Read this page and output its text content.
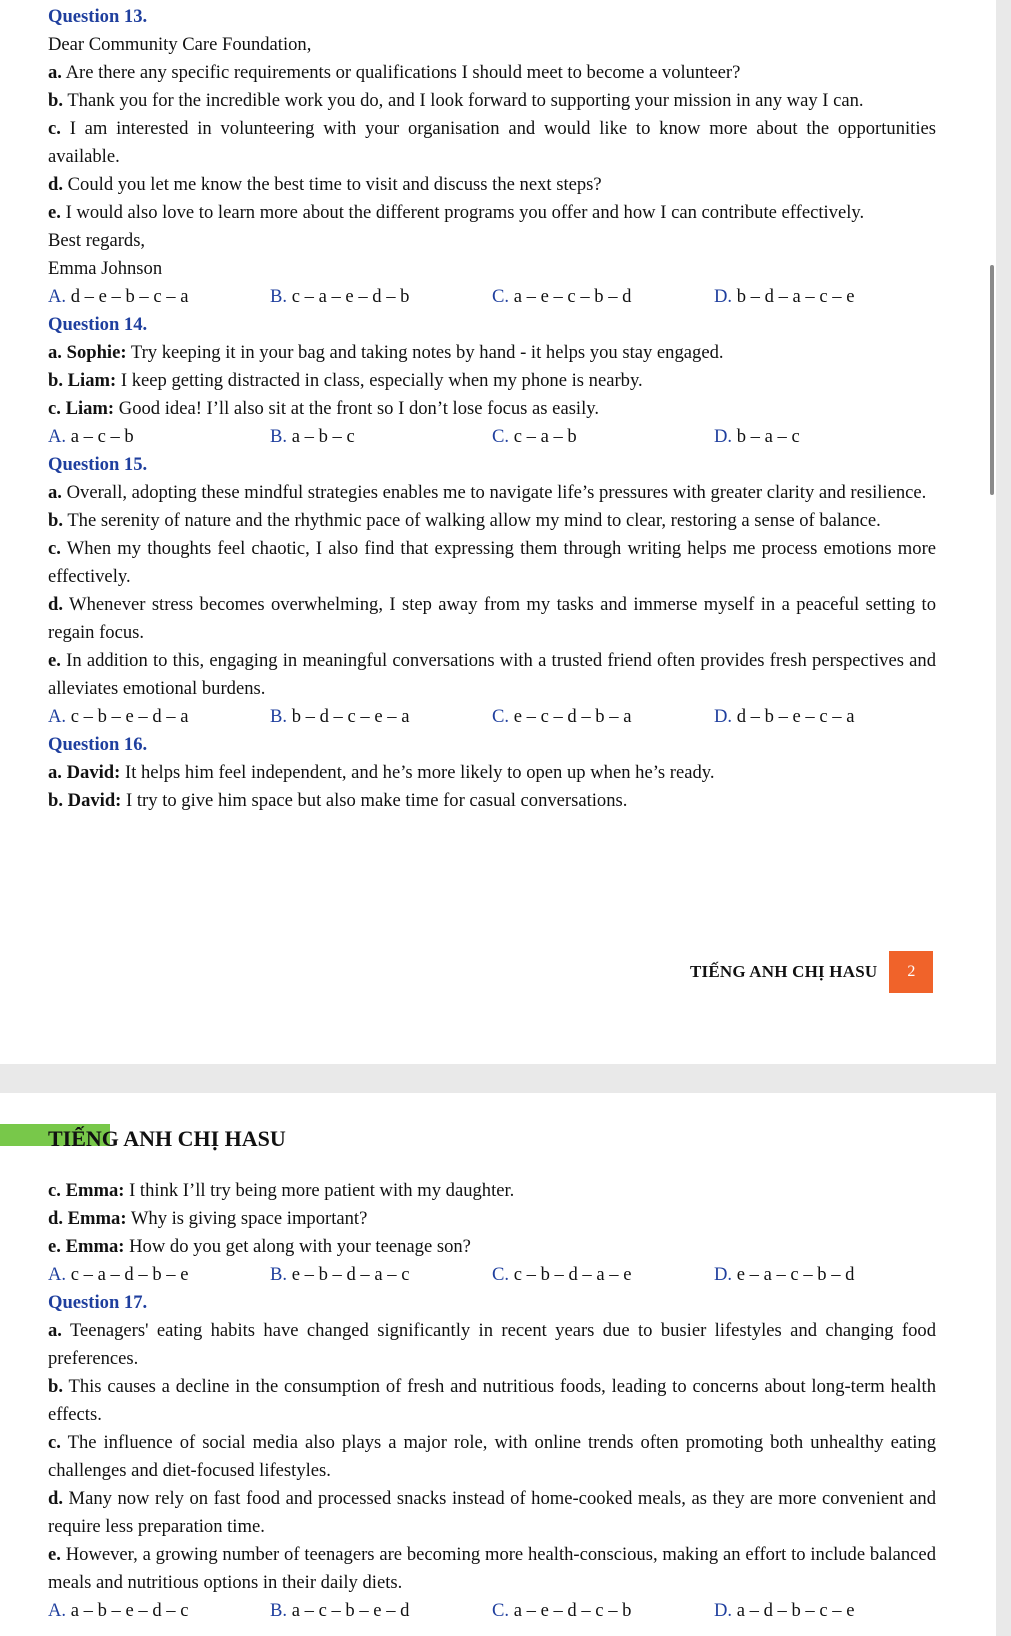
Question 13.
Dear Community Care Foundation,
a. Are there any specific requirements or qualifications I should meet to become a volunteer?
b. Thank you for the incredible work you do, and I look forward to supporting your mission in any way I can.
c. I am interested in volunteering with your organisation and would like to know more about the opportunities available.
d. Could you let me know the best time to visit and discuss the next steps?
e. I would also love to learn more about the different programs you offer and how I can contribute effectively.
Best regards,
Emma Johnson
A. d – e – b – c – a	B. c – a – e – d – b	C. a – e – c – b – d	D. b – d – a – c – e
Question 14.
a. Sophie: Try keeping it in your bag and taking notes by hand - it helps you stay engaged.
b. Liam: I keep getting distracted in class, especially when my phone is nearby.
c. Liam: Good idea! I’ll also sit at the front so I don’t lose focus as easily.
A. a – c – b	B. a – b – c	C. c – a – b	D. b – a – c
Question 15.
a. Overall, adopting these mindful strategies enables me to navigate life’s pressures with greater clarity and resilience.
b. The serenity of nature and the rhythmic pace of walking allow my mind to clear, restoring a sense of balance.
c. When my thoughts feel chaotic, I also find that expressing them through writing helps me process emotions more effectively.
d. Whenever stress becomes overwhelming, I step away from my tasks and immerse myself in a peaceful setting to regain focus.
e. In addition to this, engaging in meaningful conversations with a trusted friend often provides fresh perspectives and alleviates emotional burdens.
A. c – b – e – d – a	B. b – d – c – e – a	C. e – c – d – b – a	D. d – b – e – c – a
Question 16.
a. David: It helps him feel independent, and he’s more likely to open up when he’s ready.
b. David: I try to give him space but also make time for casual conversations.
TIẾNG ANH CHỊ HASU	2
TIẾNG ANH CHỊ HASU
c. Emma: I think I’ll try being more patient with my daughter.
d. Emma: Why is giving space important?
e. Emma: How do you get along with your teenage son?
A. c – a – d – b – e	B. e – b – d – a – c	C. c – b – d – a – e	D. e – a – c – b – d
Question 17.
a. Teenagers' eating habits have changed significantly in recent years due to busier lifestyles and changing food preferences.
b. This causes a decline in the consumption of fresh and nutritious foods, leading to concerns about long-term health effects.
c. The influence of social media also plays a major role, with online trends often promoting both unhealthy eating challenges and diet-focused lifestyles.
d. Many now rely on fast food and processed snacks instead of home-cooked meals, as they are more convenient and require less preparation time.
e. However, a growing number of teenagers are becoming more health-conscious, making an effort to include balanced meals and nutritious options in their daily diets.
A. a – b – e – d – c	B. a – c – b – e – d	C. a – e – d – c – b	D. a – d – b – c – e
